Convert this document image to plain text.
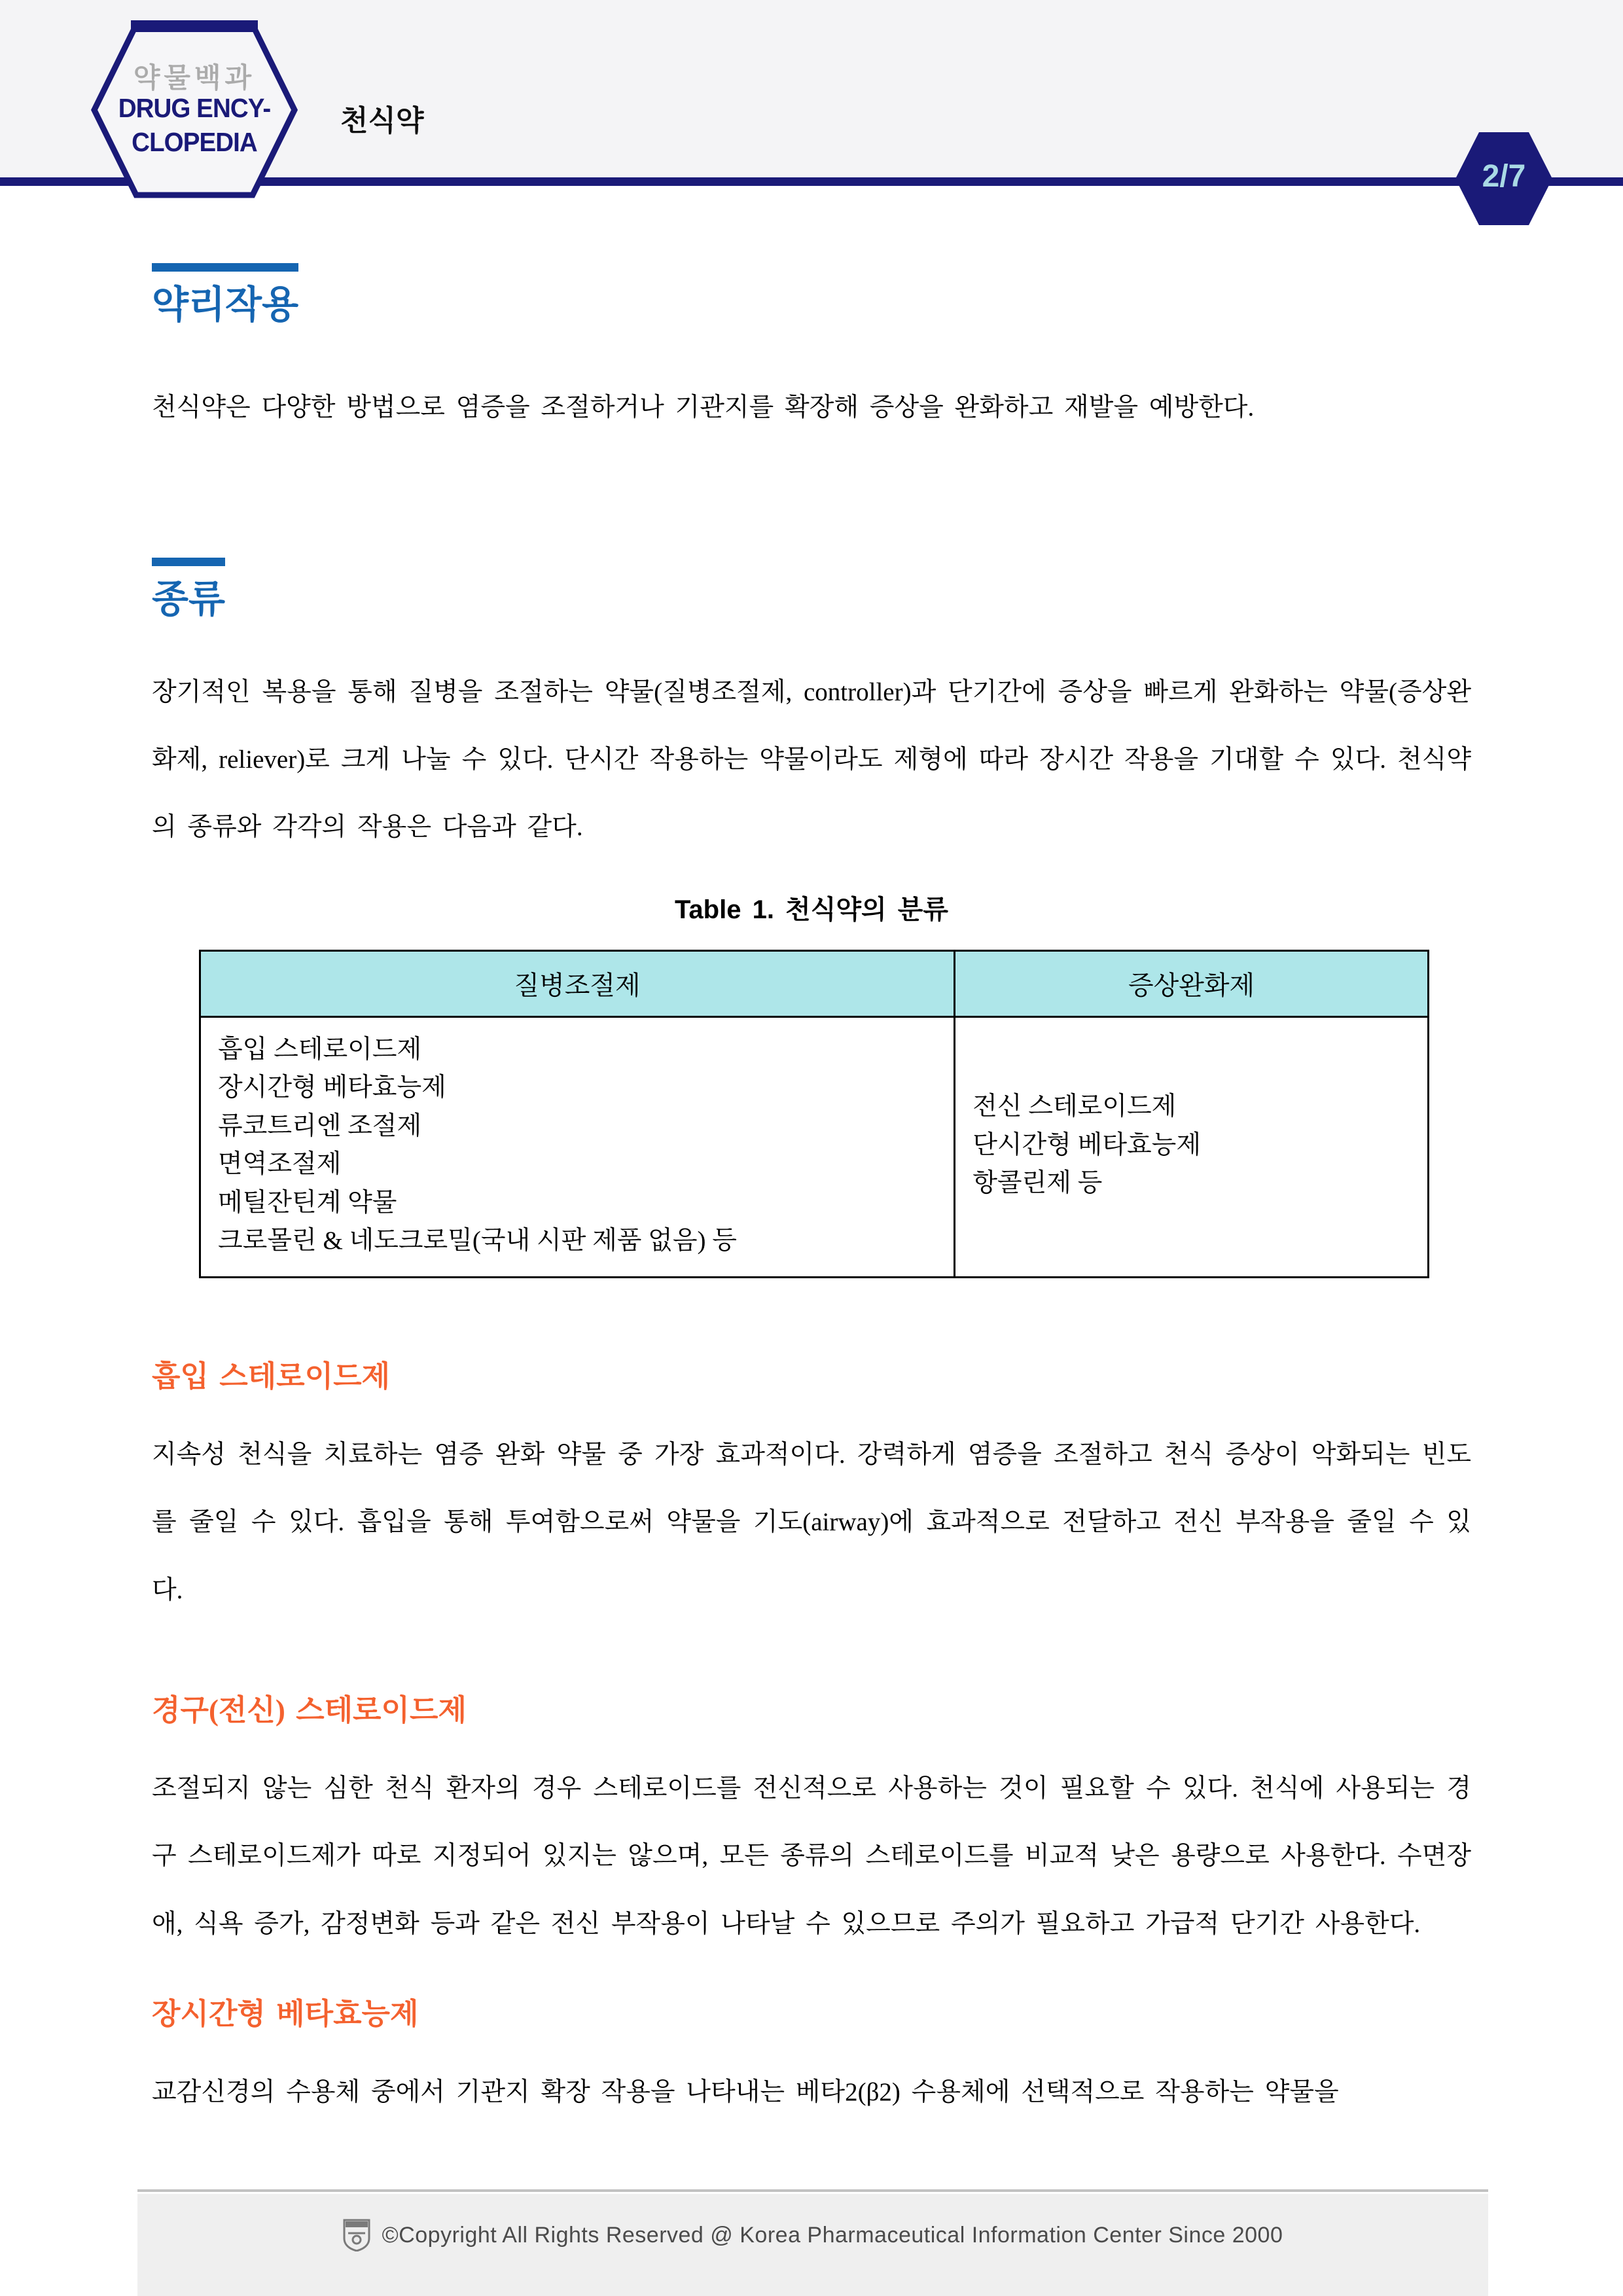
약물백과
DRUG ENCY-
CLOPEDIA
천식약
2/7
약리작용

천식약은 다양한 방법으로 염증을 조절하거나 기관지를 확장해 증상을 완화하고 재발을 예방한다.

종류

장기적인 복용을 통해 질병을 조절하는 약물(질병조절제, controller)과 단기간에 증상을 빠르게 완화하는 약물(증상완화제, reliever)로 크게 나눌 수 있다. 단시간 작용하는 약물이라도 제형에 따라 장시간 작용을 기대할 수 있다. 천식약의 종류와 각각의 작용은 다음과 같다.

Table 1. 천식약의 분류
질병조절제	증상완화제

흡입 스테로이드제
장시간형 베타효능제
류코트리엔 조절제
면역조절제
메틸잔틴계 약물
크로몰린 & 네도크로밀(국내 시판 제품 없음) 등

전신 스테로이드제
단시간형 베타효능제
항콜린제 등
흡입 스테로이드제

지속성 천식을 치료하는 염증 완화 약물 중 가장 효과적이다. 강력하게 염증을 조절하고 천식 증상이 악화되는 빈도를 줄일 수 있다. 흡입을 통해 투여함으로써 약물을 기도(airway)에 효과적으로 전달하고 전신 부작용을 줄일 수 있다.

경구(전신) 스테로이드제

조절되지 않는 심한 천식 환자의 경우 스테로이드를 전신적으로 사용하는 것이 필요할 수 있다. 천식에 사용되는 경구 스테로이드제가 따로 지정되어 있지는 않으며, 모든 종류의 스테로이드를 비교적 낮은 용량으로 사용한다. 수면장애, 식욕 증가, 감정변화 등과 같은 전신 부작용이 나타날 수 있으므로 주의가 필요하고 가급적 단기간 사용한다.

장시간형 베타효능제

교감신경의 수용체 중에서 기관지 확장 작용을 나타내는 베타2(β2) 수용체에 선택적으로 작용하는 약물을

©Copyright All Rights Reserved @ Korea Pharmaceutical Information Center Since 2000
